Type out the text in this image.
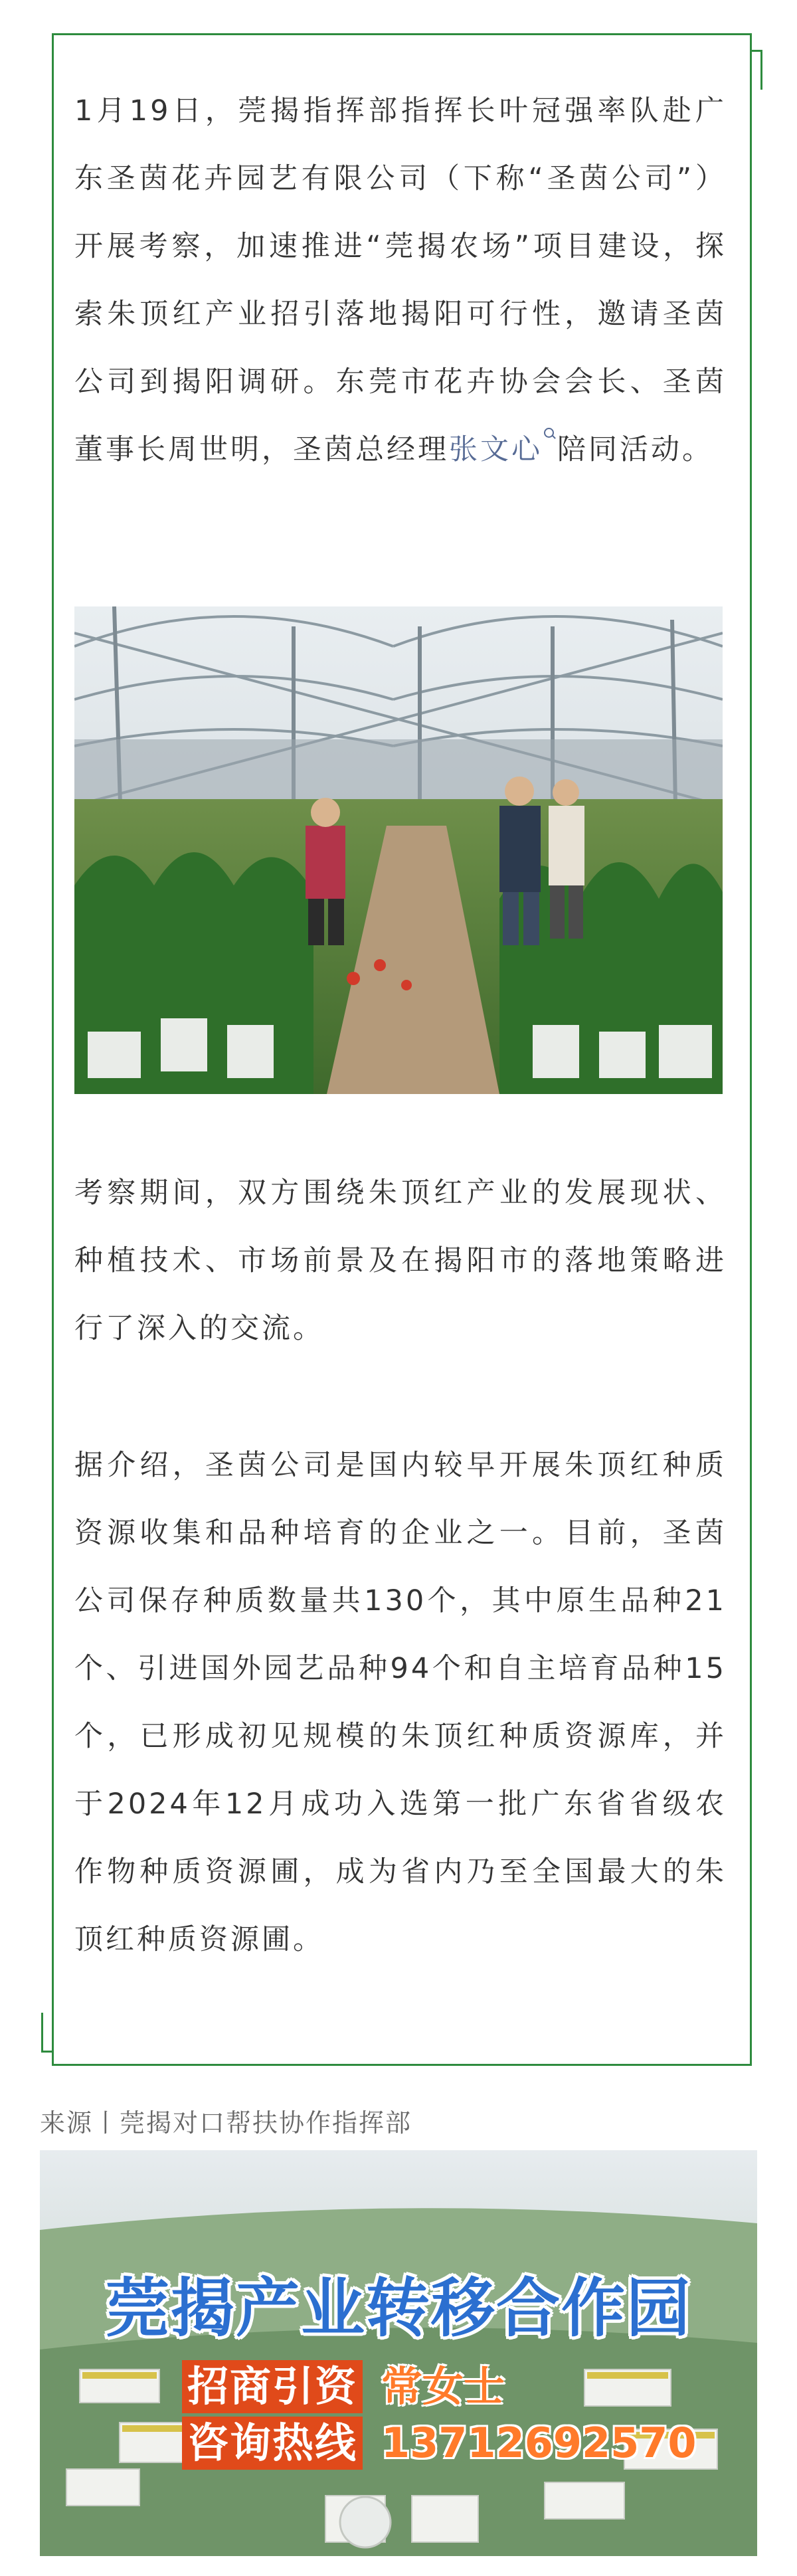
1月19日，莞揭指挥部指挥长叶冠强率队赴广东圣茵花卉园艺有限公司（下称“圣茵公司”）开展考察，加速推进“莞揭农场”项目建设，探索朱顶红产业招引落地揭阳可行性，邀请圣茵公司到揭阳调研。东莞市花卉协会会长、圣茵董事长周世明，圣茵总经理张文心 陪同活动。

考察期间，双方围绕朱顶红产业的发展现状、种植技术、市场前景及在揭阳市的落地策略进行了深入的交流。

据介绍，圣茵公司是国内较早开展朱顶红种质资源收集和品种培育的企业之一。目前，圣茵公司保存种质数量共130个，其中原生品种21个、引进国外园艺品种94个和自主培育品种15个，已形成初见规模的朱顶红种质资源库，并于2024年12月成功入选第一批广东省省级农作物种质资源圃，成为省内乃至全国最大的朱顶红种质资源圃。

来源丨莞揭对口帮扶协作指挥部
莞揭产业转移合作园
招商引资 常女士
咨询热线 13712692570
